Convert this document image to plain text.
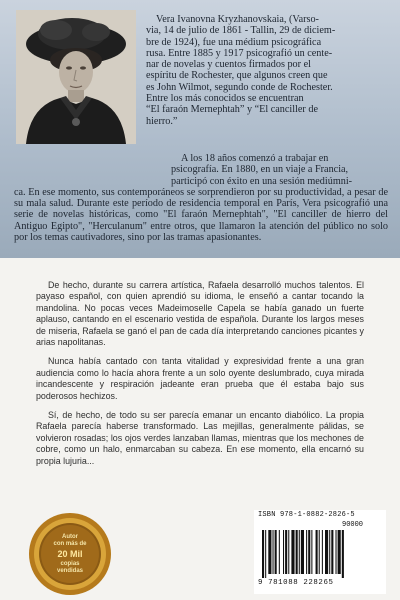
Vera Ivanovna Kryzhanovskaia, (Varso-
via, 14 de julio de 1861 - Tallin, 29 de diciem-
bre de 1924), fue una médium psicográfica
rusa. Entre 1885 y 1917 psicografió un cente-
nar de novelas y cuentos firmados por el
espíritu de Rochester, que algunos creen que
es John Wilmot, segundo conde de Rochester.
Entre los más conocidos se encuentran
“El faraón Mernephtah” y “El canciller de
hierro.”
A los 18 años comenzó a trabajar en
psicografía. En 1880, en un viaje a Francia,
participó con éxito en una sesión mediúmni-
ca. En ese momento, sus contemporáneos se sorprendieron por su productividad, a pesar de su mala salud. Durante este período de residencia temporal en París, Vera psicografió una serie de novelas históricas, como "El faraón Mernephtah", "El canciller de hierro del Antiguo Egipto", "Herculanum" entre otros, que llamaron la atención del público no solo por los temas cautivadores, sino por las tramas apasionantes.

De hecho, durante su carrera artística, Rafaela desarrolló muchos talentos. El payaso español, con quien aprendió su idioma, le enseñó a cantar tocando la mandolina. No pocas veces Madeimoselle Capela se había ganado un fuerte aplauso, cantando en el escenario vestida de española. Durante los largos meses de miseria, Rafaela se ganó el pan de cada día interpretando canciones picantes y arias napolitanas.

Nunca había cantado con tanta vitalidad y expresividad frente a una gran audiencia como lo hacía ahora frente a un solo oyente deslumbrado, cuya mirada incandescente y respiración jadeante eran prueba que él estaba bajo sus poderosos hechizos.

Sí, de hecho, de todo su ser parecía emanar un encanto diabólico. La propia Rafaela parecía haberse transformado. Las mejillas, generalmente pálidas, se volvieron rosadas; los ojos verdes lanzaban llamas, mientras que los mechones de cobre, como un halo, enmarcaban su cabeza. En ese momento, ella encarnó su propia lujuria...

Autor
con más de
20 Mil
copias
vendidas
ISBN 978-1-0882-2826-5
90000
9 781088 228265
